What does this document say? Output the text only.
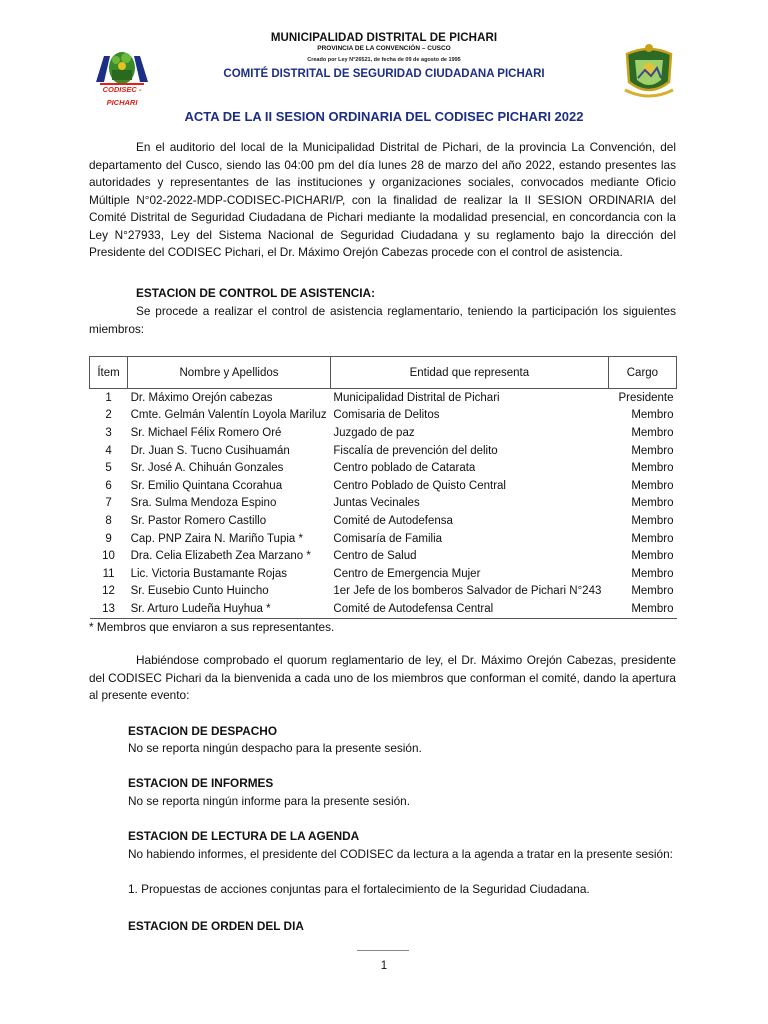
MUNICIPALIDAD DISTRITAL DE PICHARI
PROVINCIA DE LA CONVENCIÓN – CUSCO
Creado por Ley N°26521, de fecha de 09 de agosto de 1995
COMITÉ DISTRITAL DE SEGURIDAD CIUDADANA PICHARI
CODISEC - PICHARI
ACTA DE LA II SESION ORDINARIA DEL CODISEC PICHARI 2022
En el auditorio del local de la Municipalidad Distrital de Pichari, de la provincia La Convención, del departamento del Cusco, siendo las 04:00 pm del día lunes 28 de marzo del año 2022, estando presentes las autoridades y representantes de las instituciones y organizaciones sociales, convocados mediante Oficio Múltiple N°02-2022-MDP-CODISEC-PICHARI/P, con la finalidad de realizar la II SESION ORDINARIA del Comité Distrital de Seguridad Ciudadana de Pichari mediante la modalidad presencial, en concordancia con la Ley N°27933, Ley del Sistema Nacional de Seguridad Ciudadana y su reglamento bajo la dirección del Presidente del CODISEC Pichari, el Dr. Máximo Orejón Cabezas procede con el control de asistencia.
ESTACION DE CONTROL DE ASISTENCIA:
Se procede a realizar el control de asistencia reglamentario, teniendo la participación los siguientes miembros:
Ítem	Nombre y Apellidos	Entidad que representa	Cargo
1	Dr. Máximo Orejón cabezas	Municipalidad Distrital de Pichari	Presidente
2	Cmte. Gelmán Valentín Loyola Mariluz	Comisaria de Delitos	Membro
3	Sr. Michael Félix Romero Oré	Juzgado de paz	Membro
4	Dr. Juan S. Tucno Cusihuamán	Fiscalía de prevención del delito	Membro
5	Sr. José A. Chihuán Gonzales	Centro poblado de Catarata	Membro
6	Sr. Emilio Quintana Ccorahua	Centro Poblado de Quisto Central	Membro
7	Sra. Sulma Mendoza Espino	Juntas Vecinales	Membro
8	Sr. Pastor Romero Castillo	Comité de Autodefensa	Membro
9	Cap. PNP Zaira N. Mariño Tupia *	Comisaría de Familia	Membro
10	Dra. Celia Elizabeth Zea Marzano *	Centro de Salud	Membro
11	Lic. Victoria Bustamante Rojas	Centro de Emergencia Mujer	Membro
12	Sr. Eusebio Cunto Huincho	1er Jefe de los bomberos Salvador de Pichari N°243	Membro
13	Sr. Arturo Ludeña Huyhua *	Comité de Autodefensa Central	Membro
* Membros que enviaron a sus representantes.
Habiéndose comprobado el quorum reglamentario de ley, el Dr. Máximo Orejón Cabezas, presidente del CODISEC Pichari da la bienvenida a cada uno de los miembros que conforman el comité, dando la apertura al presente evento:
ESTACION DE DESPACHO
No se reporta ningún despacho para la presente sesión.
ESTACION DE INFORMES
No se reporta ningún informe para la presente sesión.
ESTACION DE LECTURA DE LA AGENDA
No habiendo informes, el presidente del CODISEC da lectura a la agenda a tratar en la presente sesión:
1. Propuestas de acciones conjuntas para el fortalecimiento de la Seguridad Ciudadana.
ESTACION DE ORDEN DEL DIA
1
